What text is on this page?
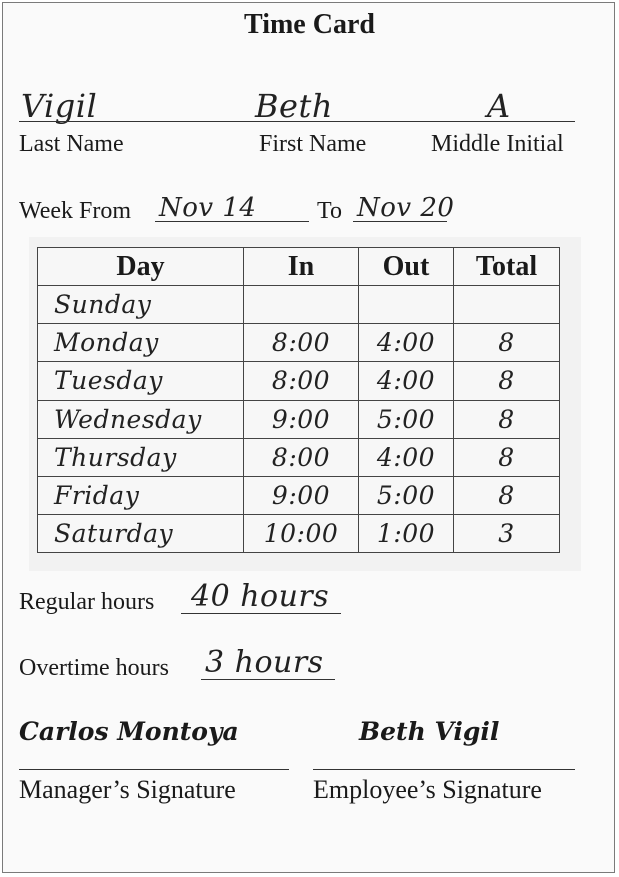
Time Card
Vigil	Beth	A
Last Name	First Name	Middle Initial
Week From Nov 14	To Nov 20
Day	In	Out	Total
Sunday			
Monday	8:00	4:00	8
Tuesday	8:00	4:00	8
Wednesday	9:00	5:00	8
Thursday	8:00	4:00	8
Friday	9:00	5:00	8
Saturday	10:00	1:00	3
Regular hours 40 hours
Overtime hours 3 hours
Carlos Montoya	Beth Vigil
Manager’s Signature	Employee’s Signature
